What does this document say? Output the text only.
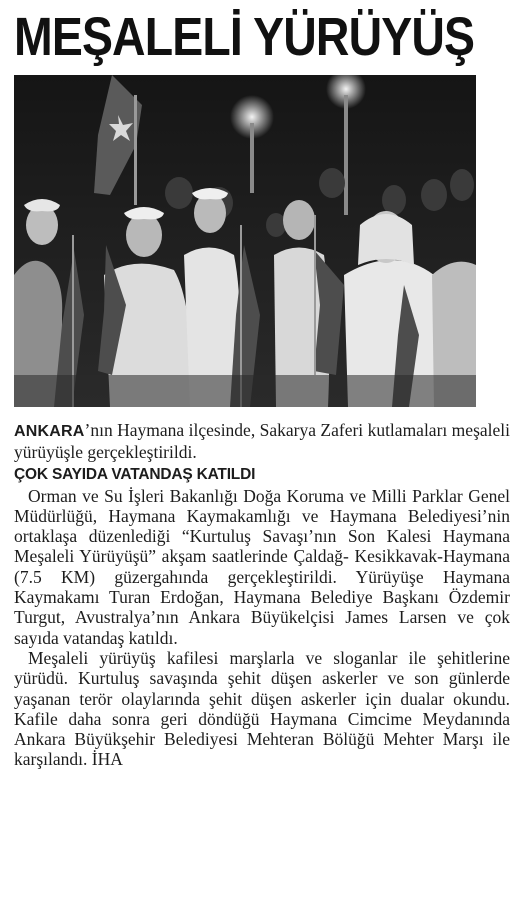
MEŞALELİ YÜRÜYÜŞ

ANKARA’nın Haymana ilçesinde, Sakarya Zaferi kutlamaları meşaleli yürüyüşle gerçekleştirildi.

ÇOK SAYIDA VATANDAŞ KATILDI

Orman ve Su İşleri Bakanlığı Doğa Koruma ve Milli Parklar Genel Müdürlüğü, Haymana Kaymakamlığı ve Haymana Belediyesi’nin ortaklaşa düzenlediği “Kurtuluş Savaşı’nın Son Kalesi Haymana Meşaleli Yürüyüşü” akşam saatlerinde Çaldağ- Kesikkavak-Haymana (7.5 KM) güzergahında gerçekleştirildi. Yürüyüşe Haymana Kaymakamı Turan Erdoğan, Haymana Belediye Başkanı Özdemir Turgut, Avustralya’nın Ankara Büyükelçisi James Larsen ve çok sayıda vatandaş katıldı.

Meşaleli yürüyüş kafilesi marşlarla ve sloganlar ile şehitlerine yürüdü. Kurtuluş savaşında şehit düşen askerler ve son günlerde yaşanan terör olaylarında şehit düşen askerler için dualar okundu. Kafile daha sonra geri döndüğü Haymana Cimcime Meydanında Ankara Büyükşehir Belediyesi Mehteran Bölüğü Mehter Marşı ile karşılandı. İHA
